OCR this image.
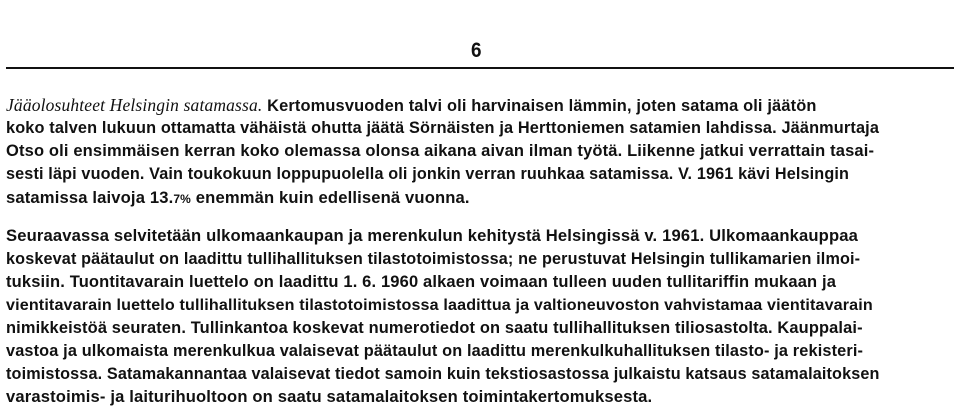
6
Jääolosuhteet Helsingin satamassa. Kertomusvuoden talvi oli harvinaisen lämmin, joten satama oli jäätön
koko talven lukuun ottamatta vähäistä ohutta jäätä Sörnäisten ja Herttoniemen satamien lahdissa. Jäänmurtaja
Otso oli ensimmäisen kerran koko olemassa olonsa aikana aivan ilman työtä. Liikenne jatkui verrattain tasai-
sesti läpi vuoden. Vain toukokuun loppupuolella oli jonkin verran ruuhkaa satamissa. V. 1961 kävi Helsingin
satamissa laivoja 13.7% enemmän kuin edellisenä vuonna.
Seuraavassa selvitetään ulkomaankaupan ja merenkulun kehitystä Helsingissä v. 1961. Ulkomaankauppaa
koskevat päätaulut on laadittu tullihallituksen tilastotoimistossa; ne perustuvat Helsingin tullikamarien ilmoi-
tuksiin. Tuontitavarain luettelo on laadittu 1. 6. 1960 alkaen voimaan tulleen uuden tullitariffin mukaan ja
vientitavarain luettelo tullihallituksen tilastotoimistossa laadittua ja valtioneuvoston vahvistamaa vientitavarain
nimikkeistöä seuraten. Tullinkantoa koskevat numerotiedot on saatu tullihallituksen tiliosastolta. Kauppalai-
vastoa ja ulkomaista merenkulkua valaisevat päätaulut on laadittu merenkulkuhallituksen tilasto- ja rekisteri-
toimistossa. Satamakannantaa valaisevat tiedot samoin kuin tekstiosastossa julkaistu katsaus satamalaitoksen
varastoimis- ja laiturihuoltoon on saatu satamalaitoksen toimintakertomuksesta.
